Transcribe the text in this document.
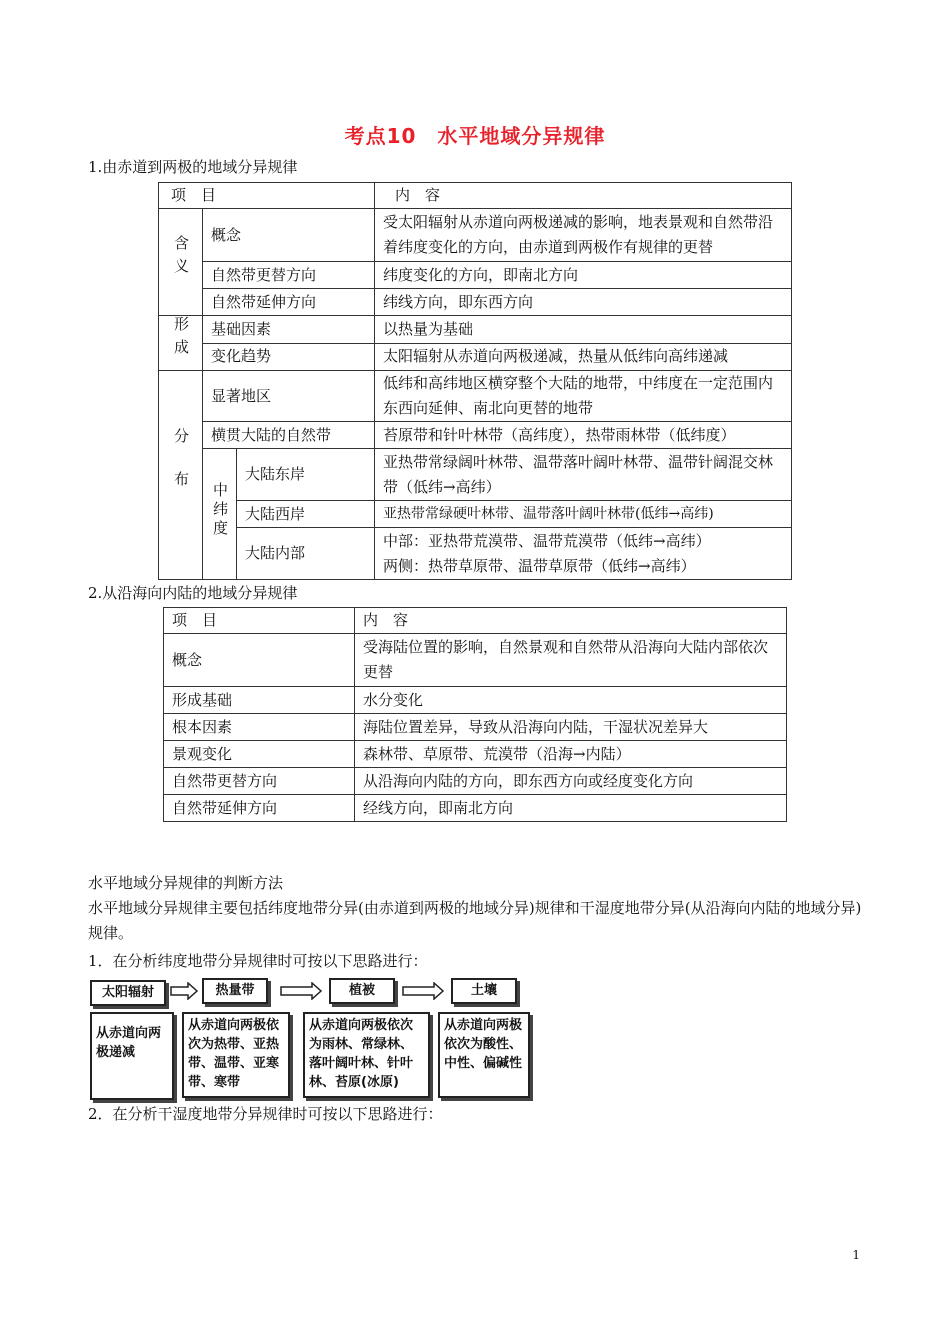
考点10　水平地域分异规律
1.由赤道到两极的地域分异规律
项　目			内　容
含义	概念		受太阳辐射从赤道向两极递减的影响，地表景观和自然带沿着纬度变化的方向，由赤道到两极作有规律的更替
	自然带更替方向		纬度变化的方向，即南北方向
	自然带延伸方向		纬线方向，即东西方向
形成	基础因素		以热量为基础
	变化趋势		太阳辐射从赤道向两极递减，热量从低纬向高纬递减
分布	显著地区		低纬和高纬地区横穿整个大陆的地带，中纬度在一定范围内东西向延伸、南北向更替的地带
	横贯大陆的自然带		苔原带和针叶林带（高纬度），热带雨林带（低纬度）
	中纬度	大陆东岸	亚热带常绿阔叶林带、温带落叶阔叶林带、温带针阔混交林带（低纬→高纬）
		大陆西岸	亚热带常绿硬叶林带、温带落叶阔叶林带(低纬→高纬)
		大陆内部	中部：亚热带荒漠带、温带荒漠带（低纬→高纬）
两侧：热带草原带、温带草原带（低纬→高纬）
2.从沿海向内陆的地域分异规律
项　目	内　容
概念	受海陆位置的影响，自然景观和自然带从沿海向大陆内部依次更替
形成基础	水分变化
根本因素	海陆位置差异，导致从沿海向内陆，干湿状况差异大
景观变化	森林带、草原带、荒漠带（沿海→内陆）
自然带更替方向	从沿海向内陆的方向，即东西方向或经度变化方向
自然带延伸方向	经线方向，即南北方向
水平地域分异规律的判断方法
水平地域分异规律主要包括纬度地带分异(由赤道到两极的地域分异)规律和干湿度地带分异(从沿海向内陆的地域分异)规律。
1．在分析纬度地带分异规律时可按以下思路进行：
太阳辐射	热量带	植被	土壤
从赤道向两极递减
从赤道向两极依次为热带、亚热带、温带、亚寒带、寒带
从赤道向两极依次为雨林、常绿林、落叶阔叶林、针叶林、苔原(冰原)
从赤道向两极依次为酸性、中性、偏碱性
2．在分析干湿度地带分异规律时可按以下思路进行：
1
